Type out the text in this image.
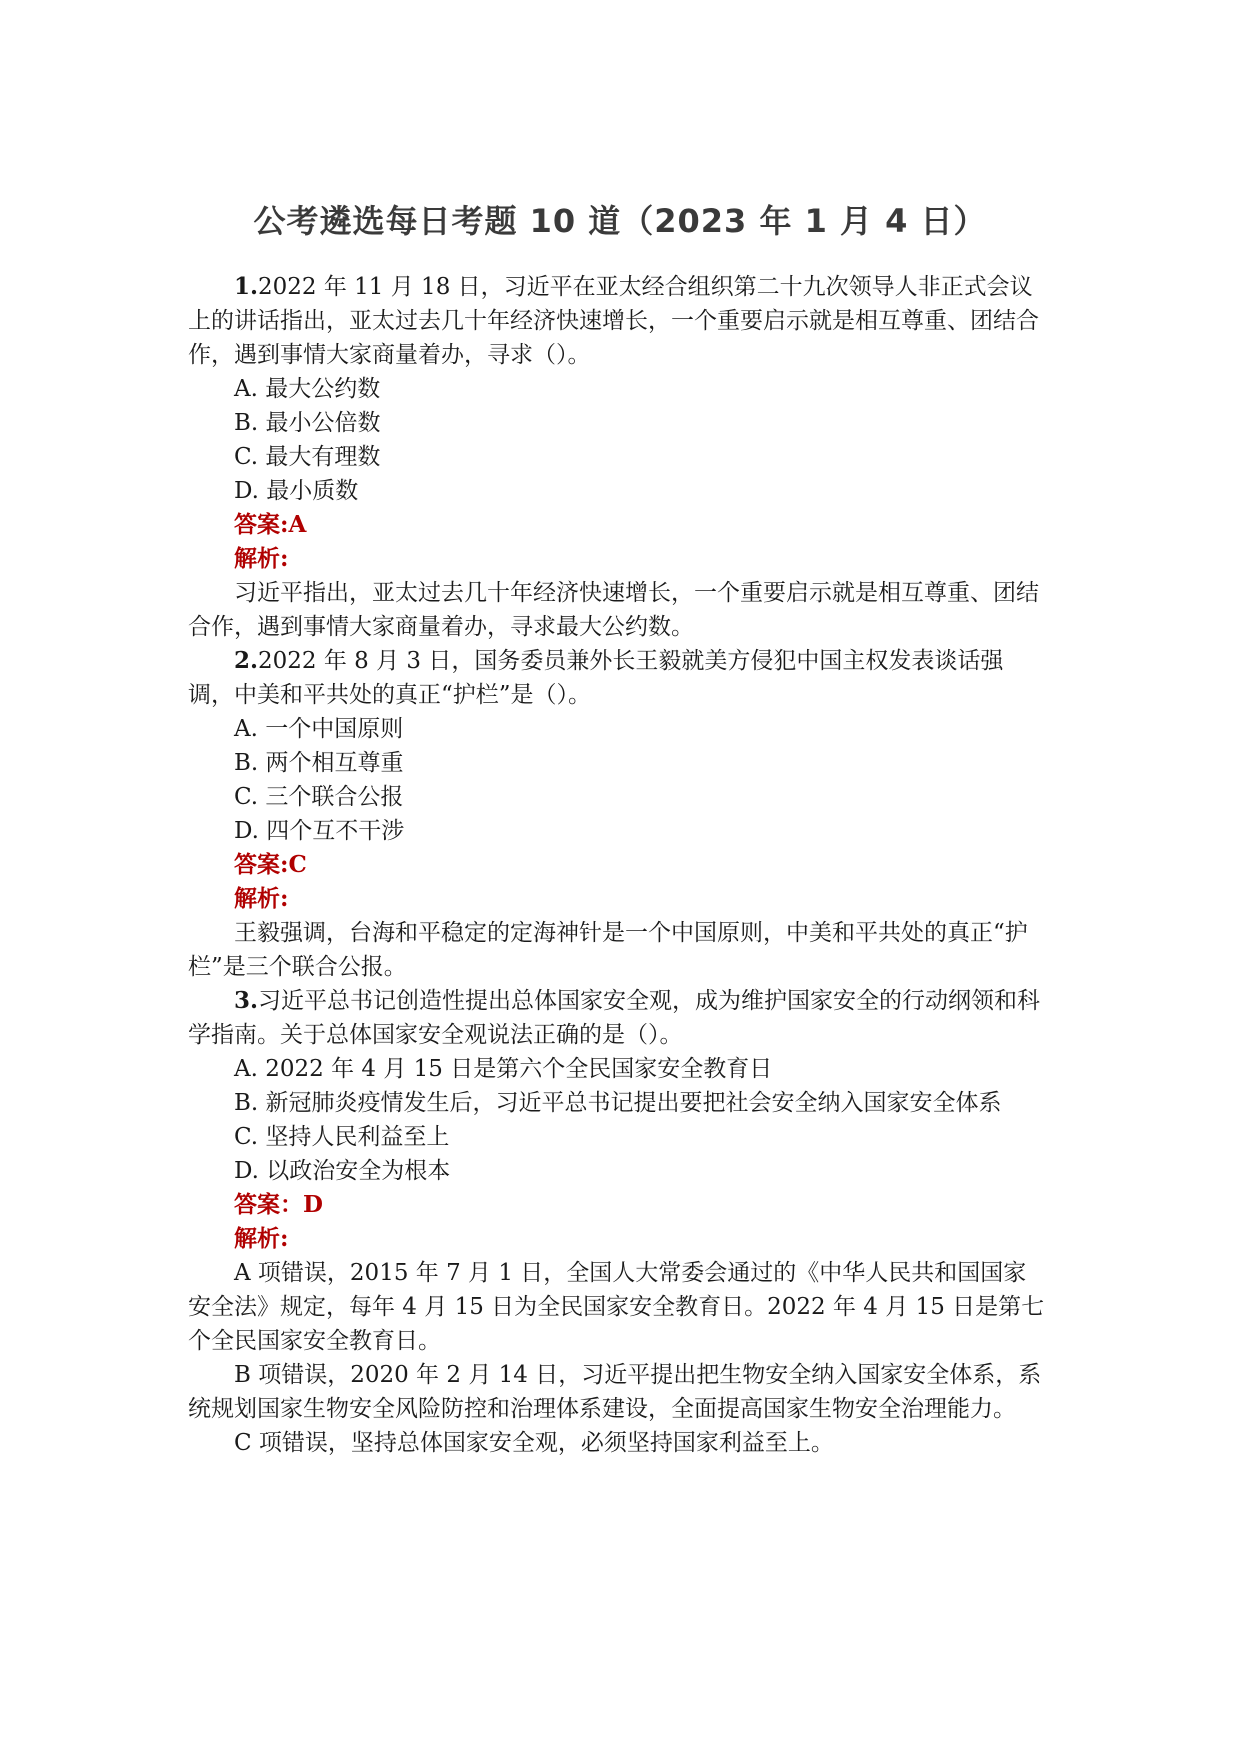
公考遴选每日考题 10 道（2023 年 1 月 4 日）

1.2022 年 11 月 18 日，习近平在亚太经合组织第二十九次领导人非正式会议上的讲话指出，亚太过去几十年经济快速增长，一个重要启示就是相互尊重、团结合作，遇到事情大家商量着办，寻求（）。

A. 最大公约数

B. 最小公倍数

C. 最大有理数

D. 最小质数

答案:A

解析:

习近平指出，亚太过去几十年经济快速增长，一个重要启示就是相互尊重、团结合作，遇到事情大家商量着办，寻求最大公约数。

2.2022 年 8 月 3 日，国务委员兼外长王毅就美方侵犯中国主权发表谈话强调，中美和平共处的真正“护栏”是（）。

A. 一个中国原则

B. 两个相互尊重

C. 三个联合公报

D. 四个互不干涉

答案:C

解析:

王毅强调，台海和平稳定的定海神针是一个中国原则，中美和平共处的真正“护栏”是三个联合公报。

3.习近平总书记创造性提出总体国家安全观，成为维护国家安全的行动纲领和科学指南。关于总体国家安全观说法正确的是（）。

A. 2022 年 4 月 15 日是第六个全民国家安全教育日

B. 新冠肺炎疫情发生后，习近平总书记提出要把社会安全纳入国家安全体系

C. 坚持人民利益至上

D. 以政治安全为根本

答案：D

解析:

A 项错误，2015 年 7 月 1 日，全国人大常委会通过的《中华人民共和国国家安全法》规定，每年 4 月 15 日为全民国家安全教育日。2022 年 4 月 15 日是第七个全民国家安全教育日。

B 项错误，2020 年 2 月 14 日，习近平提出把生物安全纳入国家安全体系，系统规划国家生物安全风险防控和治理体系建设，全面提高国家生物安全治理能力。

C 项错误，坚持总体国家安全观，必须坚持国家利益至上。
